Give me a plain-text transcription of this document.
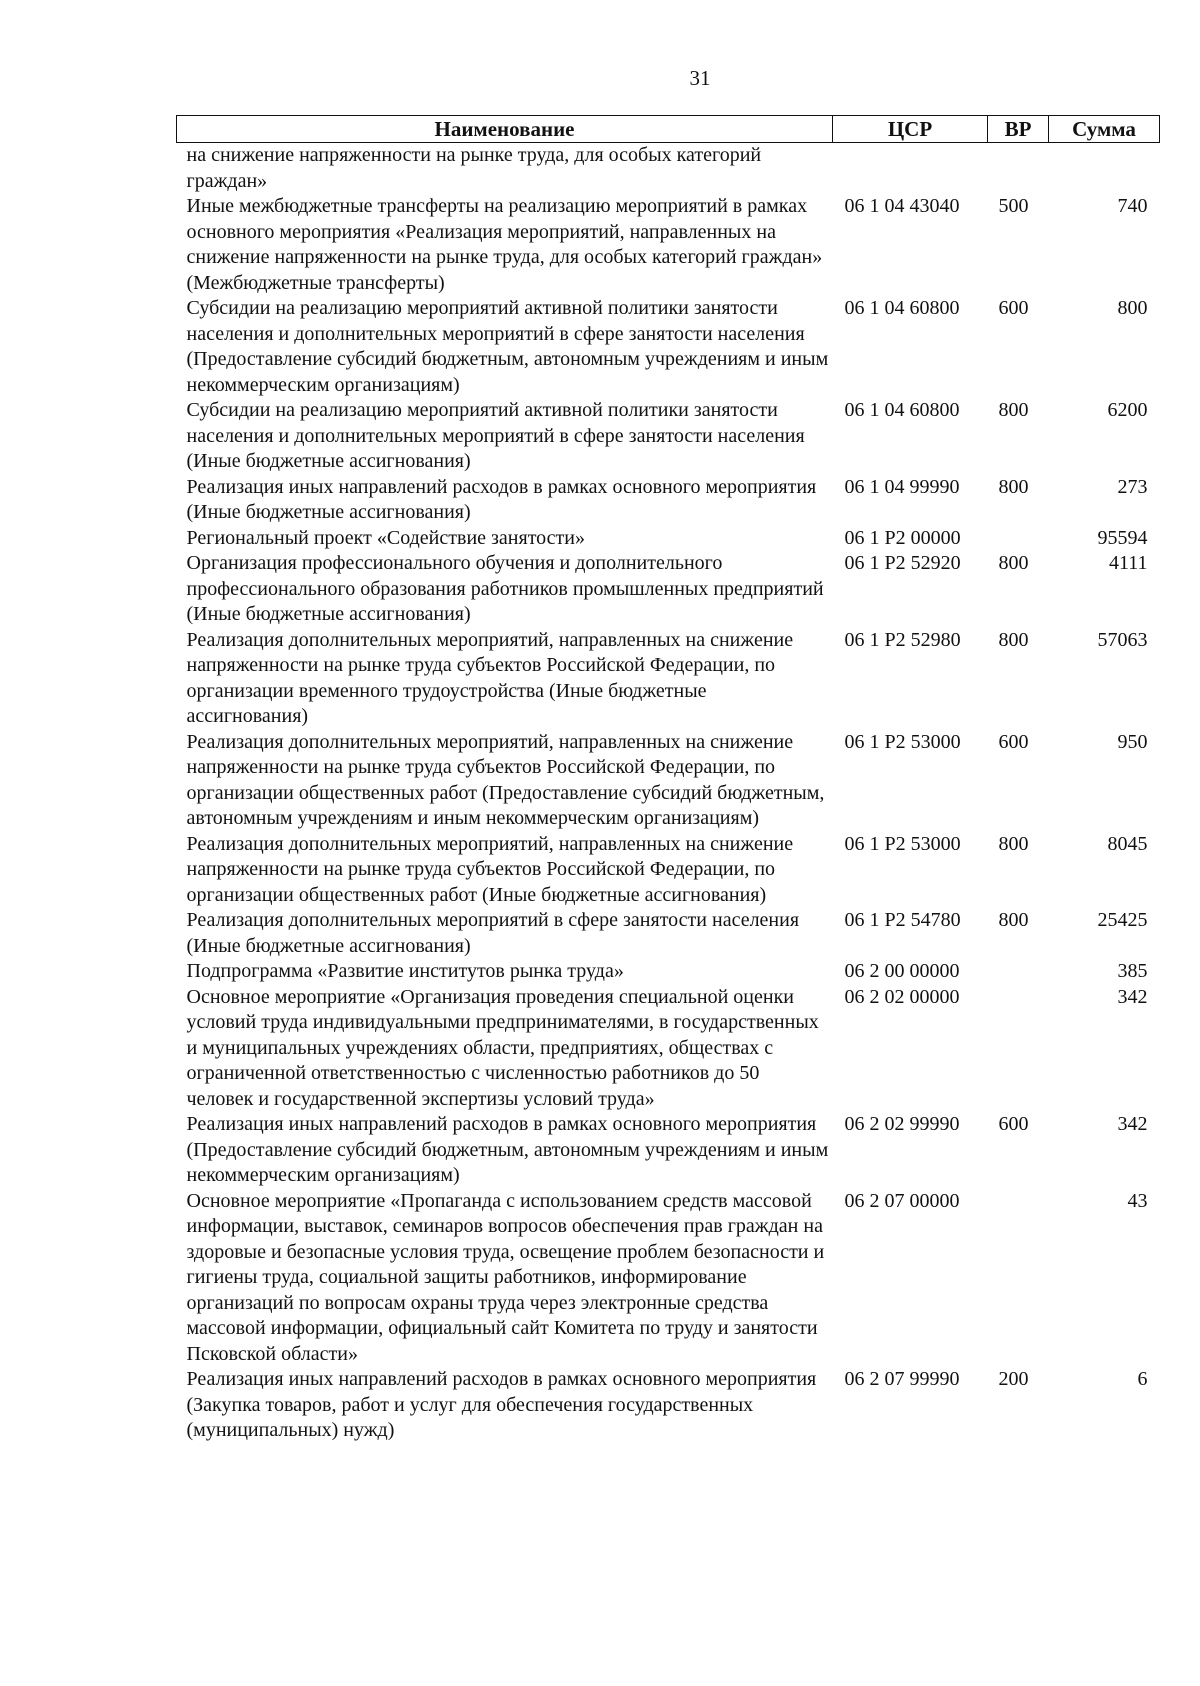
31
Наименование	ЦСР	ВР	Сумма
на снижение напряженности на рынке труда, для особых категорий граждан»			
Иные межбюджетные трансферты на реализацию мероприятий в рамках основного мероприятия «Реализация мероприятий, направленных на снижение напряженности на рынке труда, для особых категорий граждан» (Межбюджетные трансферты)	06 1 04 43040	500	740
Субсидии на реализацию мероприятий активной политики занятости населения и дополнительных мероприятий в сфере занятости населения (Предоставление субсидий бюджетным, автономным учреждениям и иным некоммерческим организациям)	06 1 04 60800	600	800
Субсидии на реализацию мероприятий активной политики занятости населения и дополнительных мероприятий в сфере занятости населения (Иные бюджетные ассигнования)	06 1 04 60800	800	6200
Реализация иных направлений расходов в рамках основного мероприятия (Иные бюджетные ассигнования)	06 1 04 99990	800	273
Региональный проект «Содействие занятости»	06 1 P2 00000		95594
Организация профессионального обучения и дополнительного профессионального образования работников промышленных предприятий (Иные бюджетные ассигнования)	06 1 P2 52920	800	4111
Реализация дополнительных мероприятий, направленных на снижение напряженности на рынке труда субъектов Российской Федерации, по организации временного трудоустройства (Иные бюджетные ассигнования)	06 1 P2 52980	800	57063
Реализация дополнительных мероприятий, направленных на снижение напряженности на рынке труда субъектов Российской Федерации, по организации общественных работ (Предоставление субсидий бюджетным, автономным учреждениям и иным некоммерческим организациям)	06 1 P2 53000	600	950
Реализация дополнительных мероприятий, направленных на снижение напряженности на рынке труда субъектов Российской Федерации, по организации общественных работ (Иные бюджетные ассигнования)	06 1 P2 53000	800	8045
Реализация дополнительных мероприятий в сфере занятости населения (Иные бюджетные ассигнования)	06 1 P2 54780	800	25425
Подпрограмма «Развитие институтов рынка труда»	06 2 00 00000		385
Основное мероприятие «Организация проведения специальной оценки условий труда индивидуальными предпринимателями, в государственных и муниципальных учреждениях области, предприятиях, обществах с ограниченной ответственностью с численностью работников до 50 человек и государственной экспертизы условий труда»	06 2 02 00000		342
Реализация иных направлений расходов в рамках основного мероприятия (Предоставление субсидий бюджетным, автономным учреждениям и иным некоммерческим организациям)	06 2 02 99990	600	342
Основное мероприятие «Пропаганда с использованием средств массовой информации, выставок, семинаров вопросов обеспечения прав граждан на здоровые и безопасные условия труда, освещение проблем безопасности и гигиены труда, социальной защиты работников, информирование организаций по вопросам охраны труда через электронные средства массовой информации, официальный сайт Комитета по труду и занятости Псковской области»	06 2 07 00000		43
Реализация иных направлений расходов в рамках основного мероприятия (Закупка товаров, работ и услуг для обеспечения государственных (муниципальных) нужд)	06 2 07 99990	200	6
